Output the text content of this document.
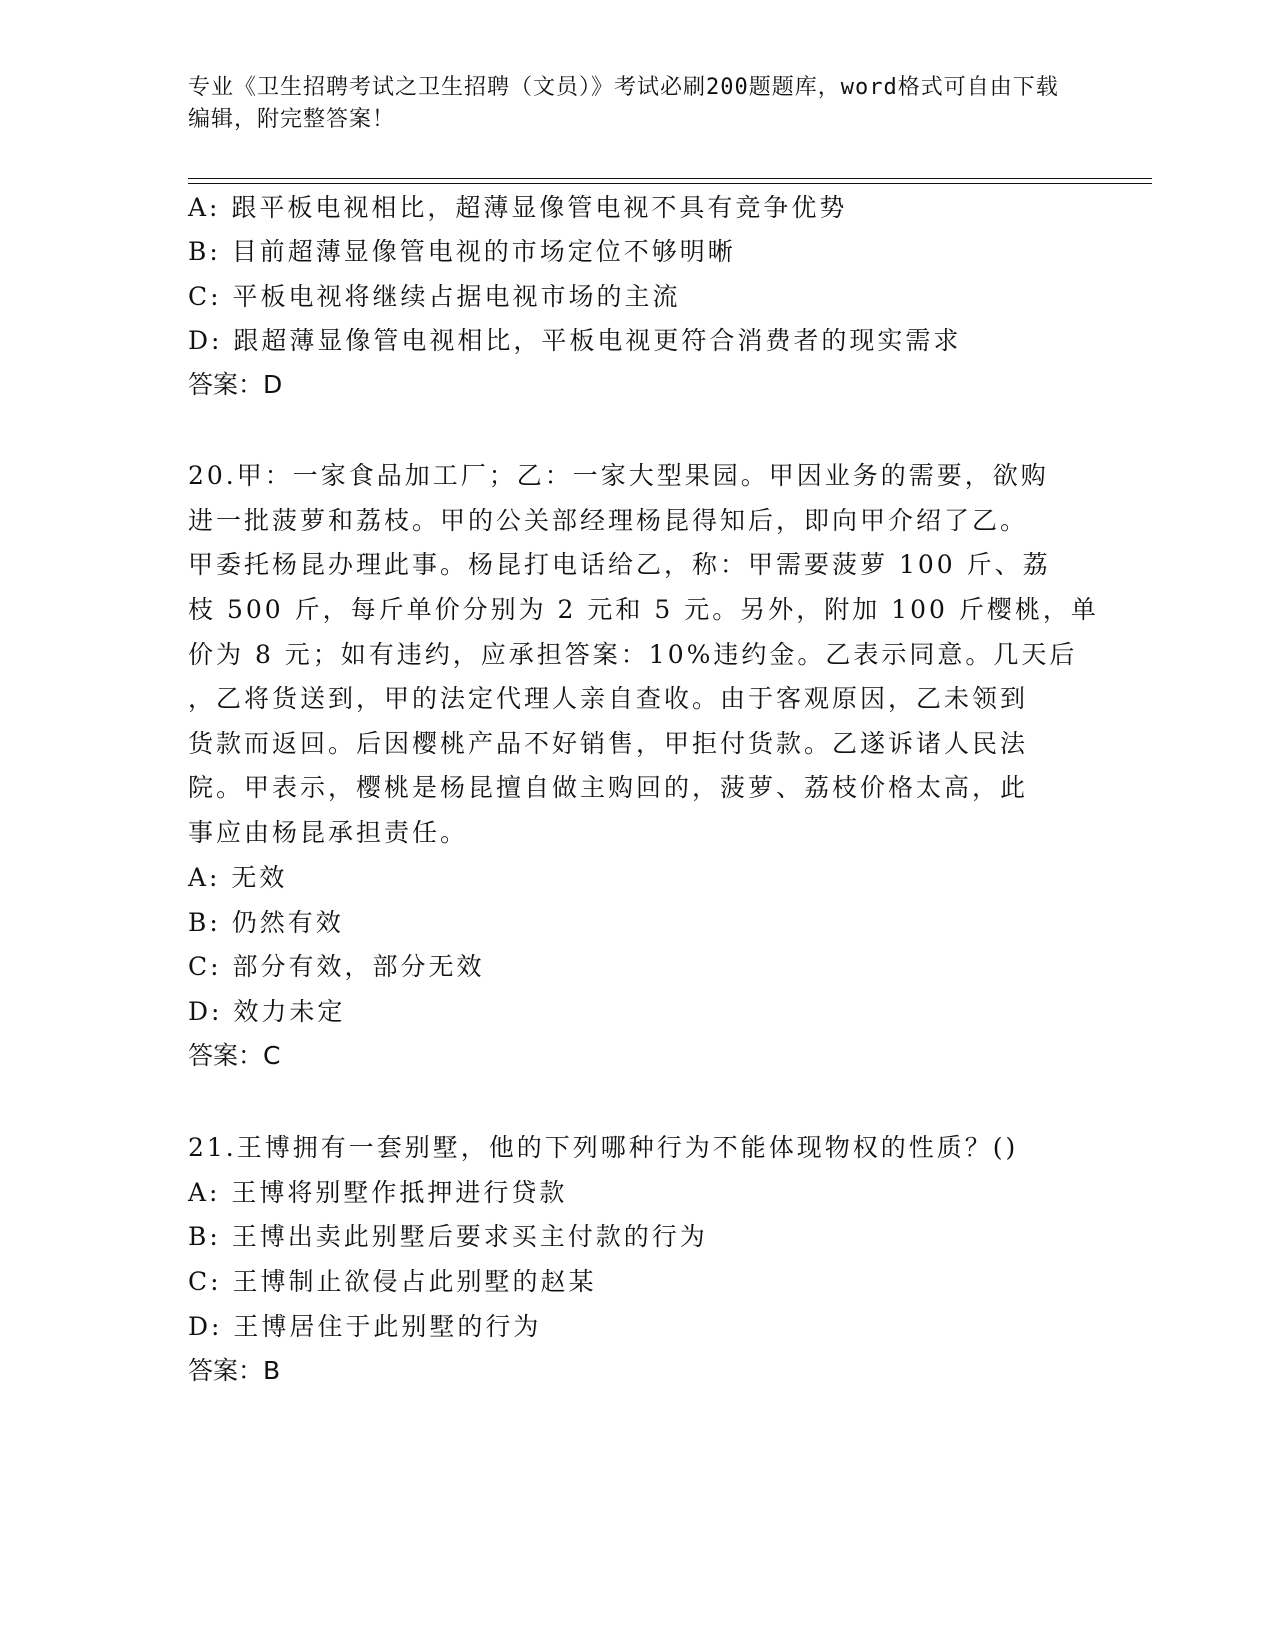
专业《卫生招聘考试之卫生招聘（文员）》考试必刷200题题库，word格式可自由下载编辑，附完整答案！
A: 跟平板电视相比，超薄显像管电视不具有竞争优势
B: 目前超薄显像管电视的市场定位不够明晰
C: 平板电视将继续占据电视市场的主流
D: 跟超薄显像管电视相比，平板电视更符合消费者的现实需求
答案：D
20.甲：一家食品加工厂；乙：一家大型果园。甲因业务的需要，欲购
进一批菠萝和荔枝。甲的公关部经理杨昆得知后，即向甲介绍了乙。
甲委托杨昆办理此事。杨昆打电话给乙，称：甲需要菠萝 100 斤、荔
枝 500 斤，每斤单价分别为 2 元和 5 元。另外，附加 100 斤樱桃，单
价为 8 元；如有违约，应承担答案：10%违约金。乙表示同意。几天后
，乙将货送到，甲的法定代理人亲自查收。由于客观原因，乙未领到
货款而返回。后因樱桃产品不好销售，甲拒付货款。乙遂诉诸人民法
院。甲表示，樱桃是杨昆擅自做主购回的，菠萝、荔枝价格太高，此
事应由杨昆承担责任。
A: 无效
B: 仍然有效
C: 部分有效，部分无效
D: 效力未定
答案：C
21.王博拥有一套别墅，他的下列哪种行为不能体现物权的性质？()
A: 王博将别墅作抵押进行贷款
B: 王博出卖此别墅后要求买主付款的行为
C: 王博制止欲侵占此别墅的赵某
D: 王博居住于此别墅的行为
答案：B
